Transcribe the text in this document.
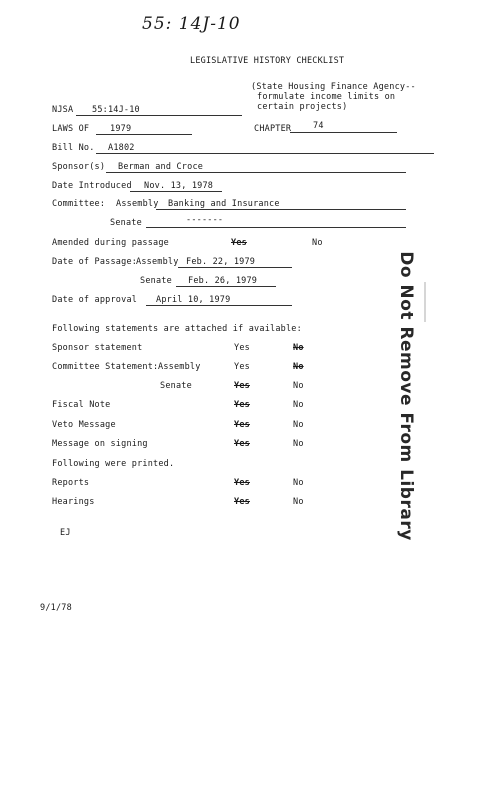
55: 14J-10
LEGISLATIVE HISTORY CHECKLIST
(State Housing Finance Agency--
formulate income limits on
certain projects)
NJSA 55:14J-10
LAWS OF 1979	CHAPTER	74
Bill No. A1802
Sponsor(s) Berman and Croce
Date Introduced Nov. 13, 1978
Committee: Assembly Banking and Insurance
Senate	-------
Amended during passage	Yes	No
Date of Passage:
Assembly Feb. 22, 1979
Senate Feb. 26, 1979
Date of approval April 10, 1979
Following statements are attached if available:
Sponsor statement	Yes	No
Committee Statement: Assembly	Yes	No
Senate	Yes	No
Fiscal Note	Yes	No
Veto Message	Yes	No
Message on signing	Yes	No
Following were printed.
Reports	Yes	No
Hearings	Yes	No
EJ
9/1/78
Do Not Remove From Library
